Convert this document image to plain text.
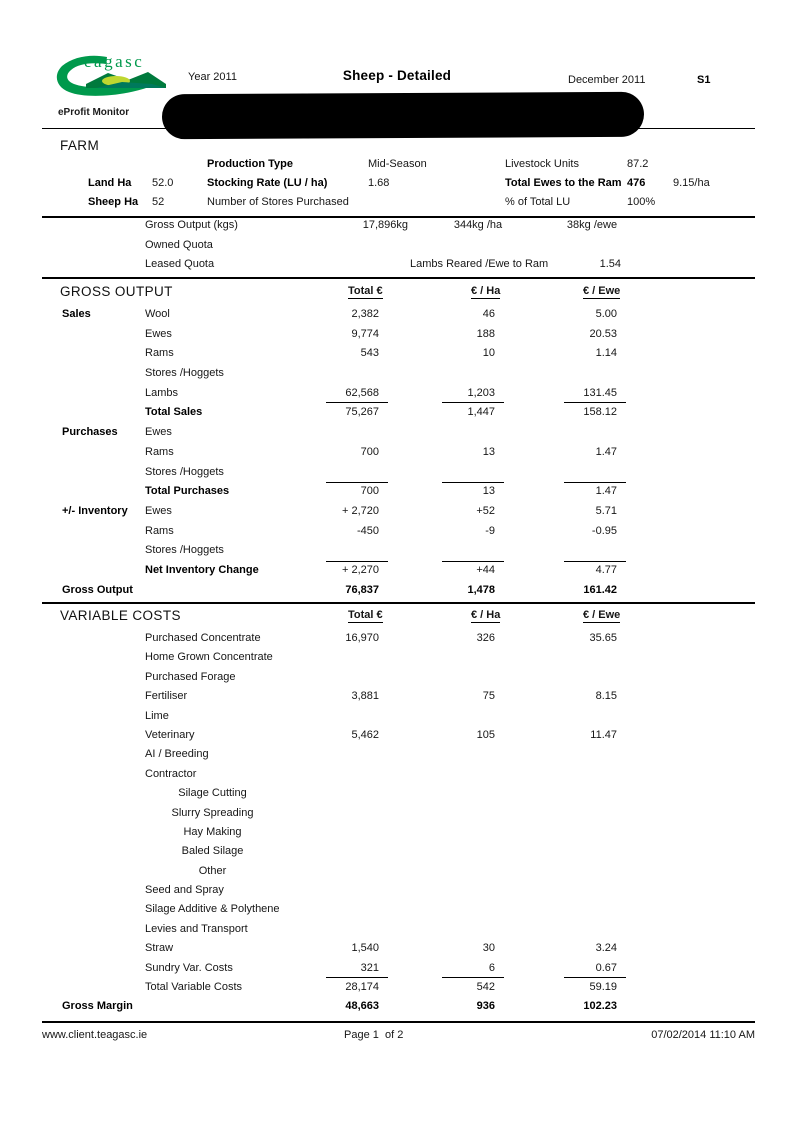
eagasc
eProfit Monitor
Year 2011	Sheep - Detailed	December 2011	S1
FARM
Production Type	Mid-Season	Livestock Units	87.2
Land Ha 52.0	Stocking Rate (LU / ha)	1.68	Total Ewes to the Ram 476	9.15/ha
Sheep Ha 52	Number of Stores Purchased	% of Total LU	100%
Gross Output (kgs)	17,896kg	344kg /ha	38kg /ewe
Owned Quota
Leased Quota	Lambs Reared /Ewe to Ram	1.54
GROSS OUTPUT	Total €	€ / Ha	€ / Ewe
Sales	Wool	2,382	46	5.00
Ewes	9,774	188	20.53
Rams	543	10	1.14
Stores /Hoggets
Lambs	62,568	1,203	131.45
Total Sales	75,267	1,447	158.12
Purchases Ewes
Rams	700	13	1.47
Stores /Hoggets
Total Purchases	700	13	1.47
+/- Inventory Ewes	+ 2,720	+52	5.71
Rams	-450	-9	-0.95
Stores /Hoggets
Net Inventory Change	+ 2,270	+44	4.77
Gross Output	76,837	1,478	161.42
VARIABLE COSTS	Total €	€ / Ha	€ / Ewe
Purchased Concentrate	16,970	326	35.65
Home Grown Concentrate
Purchased Forage
Fertiliser	3,881	75	8.15
Lime
Veterinary	5,462	105	11.47
AI / Breeding
Contractor
Silage Cutting
Slurry Spreading
Hay Making
Baled Silage
Other
Seed and Spray
Silage Additive & Polythene
Levies and Transport
Straw	1,540	30	3.24
Sundry Var. Costs	321	6	0.67
Total Variable Costs	28,174	542	59.19
Gross Margin	48,663	936	102.23
www.client.teagasc.ie	Page 1  of 2	07/02/2014 11:10 AM
